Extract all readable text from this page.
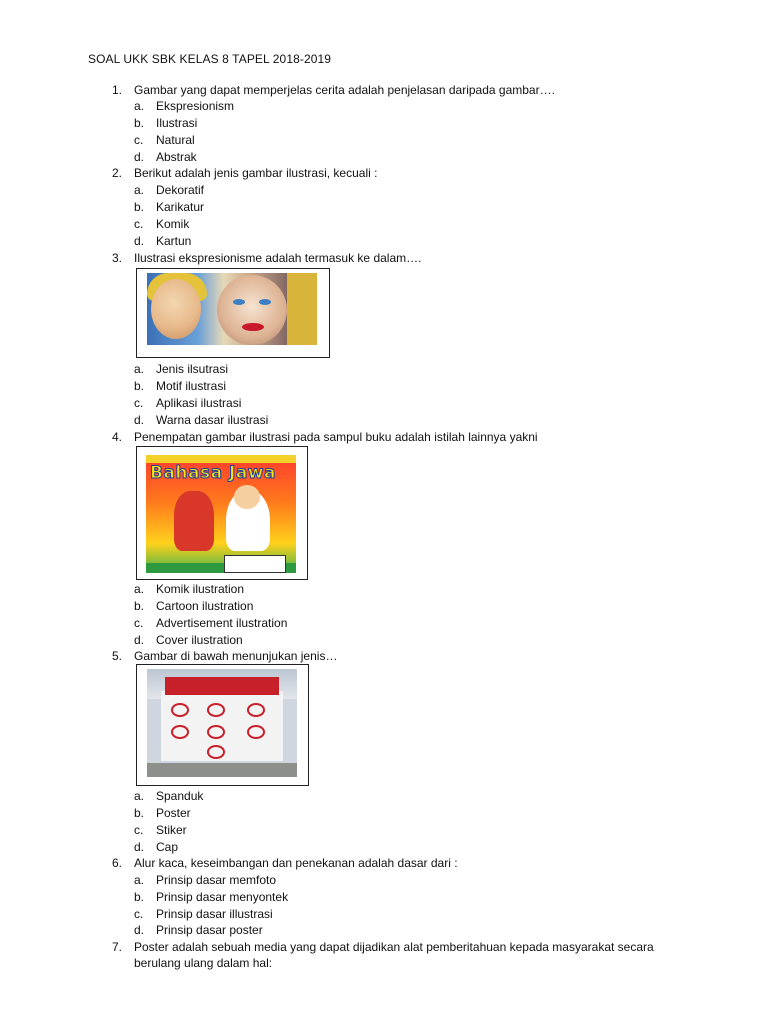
SOAL UKK SBK KELAS 8 TAPEL 2018-2019
1. Gambar yang dapat memperjelas cerita adalah penjelasan daripada gambar….
a. Ekspresionism
b. Ilustrasi
c.	Natural
d. Abstrak
2. Berikut adalah jenis gambar ilustrasi, kecuali :
a. Dekoratif
b. Karikatur
c.	Komik
d. Kartun
3. Ilustrasi ekspresionisme adalah termasuk ke dalam….
a. Jenis ilsutrasi
b. Motif ilustrasi
c.	Aplikasi ilustrasi
d. Warna dasar ilustrasi
4. Penempatan gambar ilustrasi pada sampul buku adalah istilah lainnya yakni
Bahasa Jawa
a. Komik ilustration
b. Cartoon ilustration
c.	Advertisement ilustration
d. Cover ilustration
5. Gambar di bawah menunjukan jenis…
a. Spanduk
b. Poster
c.	Stiker
d. Cap
6. Alur kaca, keseimbangan dan penekanan adalah dasar dari :
a. Prinsip dasar memfoto
b. Prinsip dasar menyontek
c.	Prinsip dasar illustrasi
d. Prinsip dasar poster
7. Poster adalah sebuah media yang dapat dijadikan alat pemberitahuan kepada masyarakat secara berulang ulang dalam hal:
